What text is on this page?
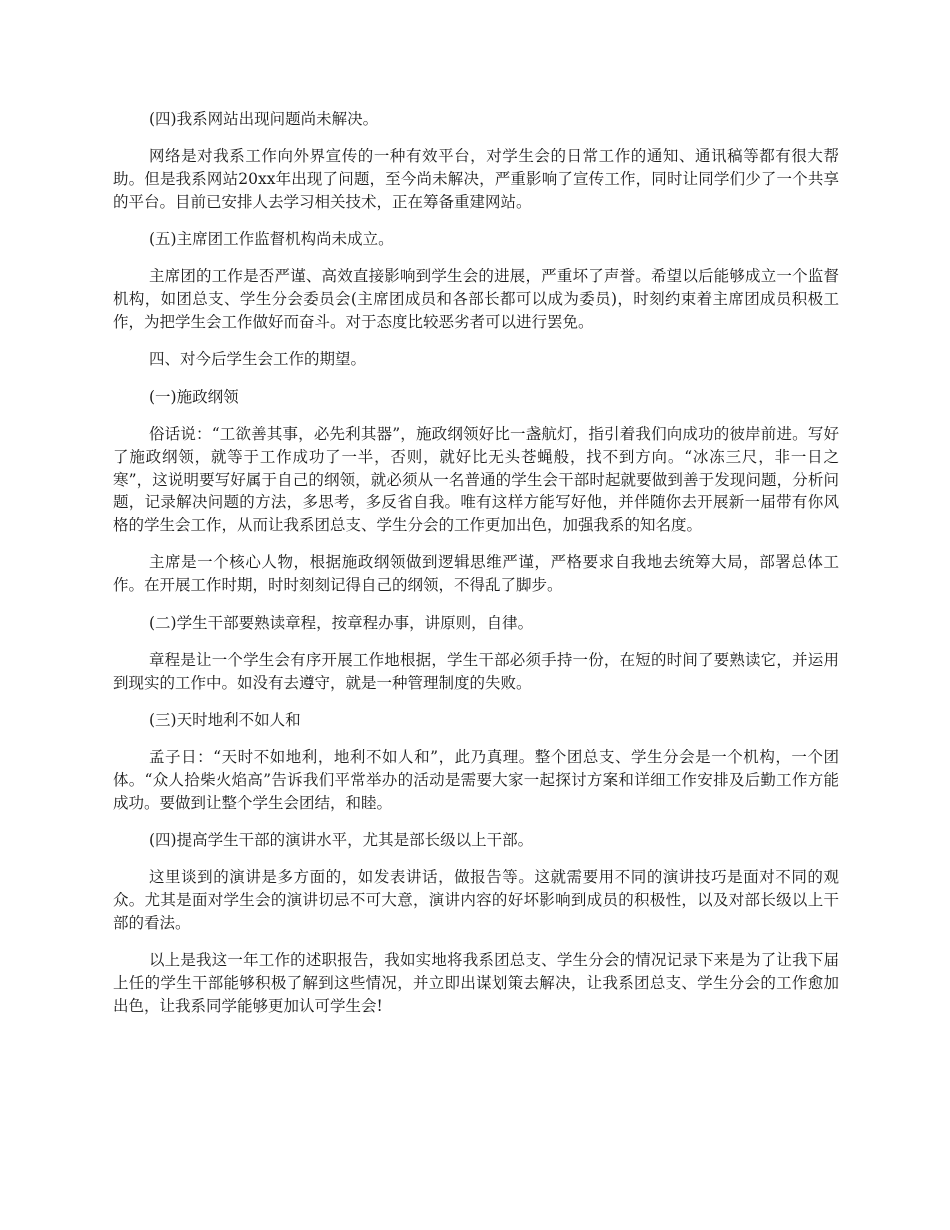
(四)我系网站出现问题尚未解决。

网络是对我系工作向外界宣传的一种有效平台，对学生会的日常工作的通知、通讯稿等都有很大帮助。但是我系网站20xx年出现了问题，至今尚未解决，严重影响了宣传工作，同时让同学们少了一个共享的平台。目前已安排人去学习相关技术，正在筹备重建网站。

(五)主席团工作监督机构尚未成立。

主席团的工作是否严谨、高效直接影响到学生会的进展，严重坏了声誉。希望以后能够成立一个监督机构，如团总支、学生分会委员会(主席团成员和各部长都可以成为委员)，时刻约束着主席团成员积极工作，为把学生会工作做好而奋斗。对于态度比较恶劣者可以进行罢免。

四、对今后学生会工作的期望。

(一)施政纲领

俗话说：“工欲善其事，必先利其器”，施政纲领好比一盏航灯，指引着我们向成功的彼岸前进。写好了施政纲领，就等于工作成功了一半，否则，就好比无头苍蝇般，找不到方向。“冰冻三尺，非一日之寒”，这说明要写好属于自己的纲领，就必须从一名普通的学生会干部时起就要做到善于发现问题，分析问题，记录解决问题的方法，多思考，多反省自我。唯有这样方能写好他，并伴随你去开展新一届带有你风格的学生会工作，从而让我系团总支、学生分会的工作更加出色，加强我系的知名度。

主席是一个核心人物，根据施政纲领做到逻辑思维严谨，严格要求自我地去统筹大局，部署总体工作。在开展工作时期，时时刻刻记得自己的纲领，不得乱了脚步。

(二)学生干部要熟读章程，按章程办事，讲原则，自律。

章程是让一个学生会有序开展工作地根据，学生干部必须手持一份，在短的时间了要熟读它，并运用到现实的工作中。如没有去遵守，就是一种管理制度的失败。

(三)天时地利不如人和

孟子日：“天时不如地利，地利不如人和”，此乃真理。整个团总支、学生分会是一个机构，一个团体。“众人拾柴火焰高”告诉我们平常举办的活动是需要大家一起探讨方案和详细工作安排及后勤工作方能成功。要做到让整个学生会团结，和睦。

(四)提高学生干部的演讲水平，尤其是部长级以上干部。

这里谈到的演讲是多方面的，如发表讲话，做报告等。这就需要用不同的演讲技巧是面对不同的观众。尤其是面对学生会的演讲切忌不可大意，演讲内容的好坏影响到成员的积极性，以及对部长级以上干部的看法。

以上是我这一年工作的述职报告，我如实地将我系团总支、学生分会的情况记录下来是为了让我下届上任的学生干部能够积极了解到这些情况，并立即出谋划策去解决，让我系团总支、学生分会的工作愈加出色，让我系同学能够更加认可学生会!
